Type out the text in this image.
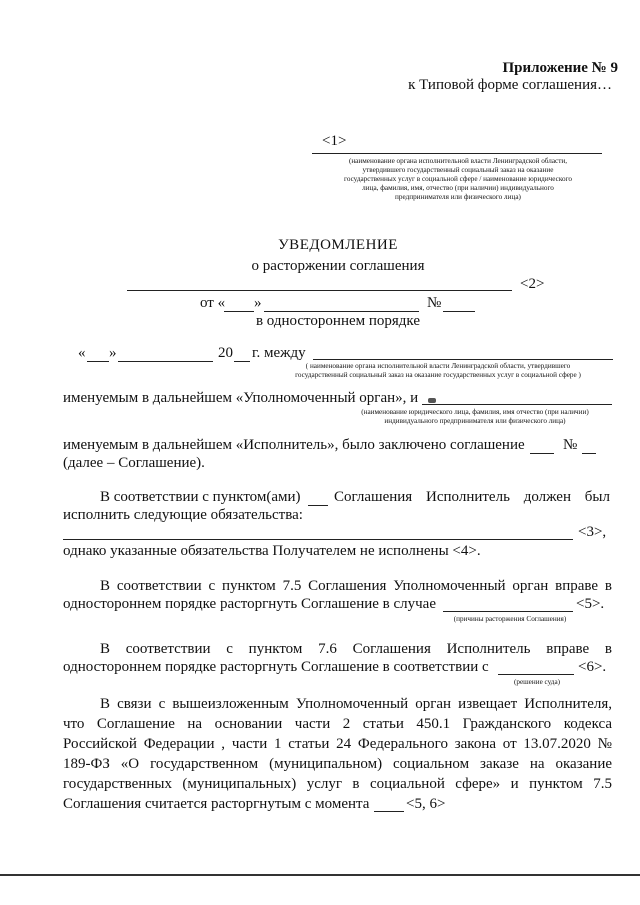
Приложение № 9
к Типовой форме соглашения…
<1>
(наименование органа исполнительной власти Ленинградской области,
утвердившего государственный социальный заказ на оказание
государственных услуг в социальной сфере / наименование юридического
лица, фамилия, имя, отчество (при наличии) индивидуального
предпринимателя или физического лица)
УВЕДОМЛЕНИЕ
о расторжении соглашения
<2>
от « »	№
в одностороннем порядке
« »	20 г. между
( наименование органа исполнительной власти Ленинградской области, утвердившего
государственный социальный заказ на оказание государственных услуг в социальной сфере )
именуемым в дальнейшем «Уполномоченный орган», и
(наименование юридического лица, фамилия, имя отчество (при наличии)
индивидуального предпринимателя или физического лица)
именуемым в дальнейшем «Исполнитель», было заключено соглашение	№
(далее – Соглашение).
В соответствии с пунктом(ами) Соглашения Исполнитель должен был
исполнить следующие обязательства:
<3>,
однако указанные обязательства Получателем не исполнены <4>.
В соответствии с пунктом 7.5 Соглашения Уполномоченный орган вправе в
одностороннем порядке расторгнуть Соглашение в случае	<5>.
(причины расторжения Соглашения)
В соответствии с пунктом 7.6 Соглашения Исполнитель вправе в
одностороннем порядке расторгнуть Соглашение в соответствии с	<6>.
(решение суда)
В связи с вышеизложенным Уполномоченный орган извещает Исполнителя,
что Соглашение на основании части 2 статьи 450.1 Гражданского кодекса
Российской Федерации , части 1 статьи 24 Федерального закона от 13.07.2020 №
189-ФЗ «О государственном (муниципальном) социальном заказе на оказание
государственных (муниципальных) услуг в социальной сфере» и пунктом 7.5
Соглашения считается расторгнутым с момента <5, 6>
